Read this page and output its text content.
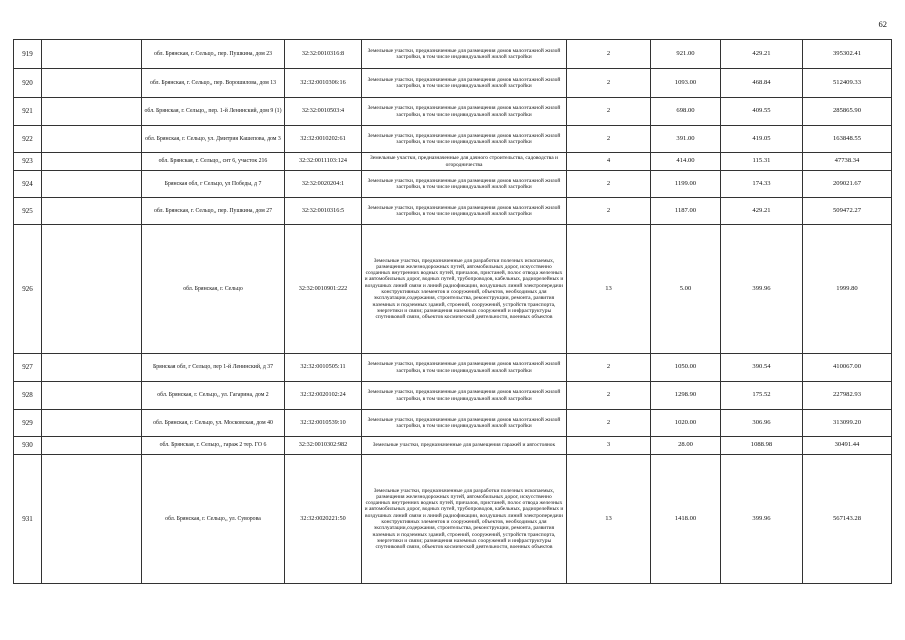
62
919		обл. Брянская, г. Сельцо,, пер. Пушкина, дом 23	32:32:0010316:8	Земельные участки, предназначенные для размещения домов малоэтажной жилой застройки, в том числе индивидуальной жилой застройки	2	921.00	429.21	395302.41
920		обл. Брянская, г. Сельцо,, пер. Ворошилова, дом 13	32:32:0010306:16	Земельные участки, предназначенные для размещения домов малоэтажной жилой застройки, в том числе индивидуальной жилой застройки	2	1093.00	468.84	512409.33
921		обл. Брянская, г. Сельцо,, пер. 1-й Ленинский, дом 9 (1)	32:32:0010503:4	Земельные участки, предназначенные для размещения домов малоэтажной жилой застройки, в том числе индивидуальной жилой застройки	2	698.00	409.55	285865.90
922		обл. Брянская, г. Сельцо, ул. Дмитрия Кашепова, дом 3	32:32:0010202:61	Земельные участки, предназначенные для размещения домов малоэтажной жилой застройки, в том числе индивидуальной жилой застройки	2	391.00	419.05	163848.55
923		обл. Брянская, г. Сельцо,, снт 6, участок 216	32:32:0011103:124	Земельные участки, предназначенные для дачного строительства, садоводства и огородничества	4	414.00	115.31	47738.34
924		Брянская обл, г Сельцо, ул Победы, д 7	32:32:0020204:1	Земельные участки, предназначенные для размещения домов малоэтажной жилой застройки, в том числе индивидуальной жилой застройки	2	1199.00	174.33	209021.67
925		обл. Брянская, г. Сельцо,, пер. Пушкина, дом 27	32:32:0010316:5	Земельные участки, предназначенные для размещения домов малоэтажной жилой застройки, в том числе индивидуальной жилой застройки	2	1187.00	429.21	509472.27
926		обл. Брянская, г. Сельцо	32:32:0010901:222	Земельные участки, предназначенные для разработки полезных ископаемых, размещения железнодорожных путей, автомобильных дорог, искусственно созданных внутренних водных путей, причалов, пристаней, полос отвода железных и автомобильных дорог, водных путей, трубопроводов, кабельных, радиорелейных и воздушных линий связи и линий радиофикации, воздушных линий электропередачи конструктивных элементов и сооружений, объектов, необходимых для эксплуатации,содержания, строительства, реконструкции, ремонта, развития наземных и подземных зданий, строений, сооружений, устройств транспорта, энергетики и связи; размещения наземных сооружений и инфраструктуры спутниковой связи, объектов космической деятельности, военных объектов	13	5.00	399.96	1999.80
927		Брянская обл, г Сельцо, пер 1-й Ленинский, д 37	32:32:0010505:11	Земельные участки, предназначенные для размещения домов малоэтажной жилой застройки, в том числе индивидуальной жилой застройки	2	1050.00	390.54	410067.00
928		обл. Брянская, г. Сельцо,, ул. Гагарина, дом 2	32:32:0020102:24	Земельные участки, предназначенные для размещения домов малоэтажной жилой застройки, в том числе индивидуальной жилой застройки	2	1298.90	175.52	227982.93
929		обл. Брянская, г. Сельцо, ул. Московская, дом 40	32:32:0010539:10	Земельные участки, предназначенные для размещения домов малоэтажной жилой застройки, в том числе индивидуальной жилой застройки	2	1020.00	306.96	313099.20
930		обл. Брянская, г. Сельцо,, гараж 2 тер. ГО 6	32:32:0010302:982	Земельные участки, предназначенные для размещения гаражей и автостоянок	3	28.00	1088.98	30491.44
931		обл. Брянская, г. Сельцо,, ул. Суворова	32:32:0020221:50	Земельные участки, предназначенные для разработки полезных ископаемых, размещения железнодорожных путей, автомобильных дорог, искусственно созданных внутренних водных путей, причалов, пристаней, полос отвода железных и автомобильных дорог, водных путей, трубопроводов, кабельных, радиорелейных и воздушных линий связи и линий радиофикации, воздушных линий электропередачи конструктивных элементов и сооружений, объектов, необходимых для эксплуатации,содержания, строительства, реконструкции, ремонта, развития наземных и подземных зданий, строений, сооружений, устройств транспорта, энергетики и связи; размещения наземных сооружений и инфраструктуры спутниковой связи, объектов космической деятельности, военных объектов	13	1418.00	399.96	567143.28
